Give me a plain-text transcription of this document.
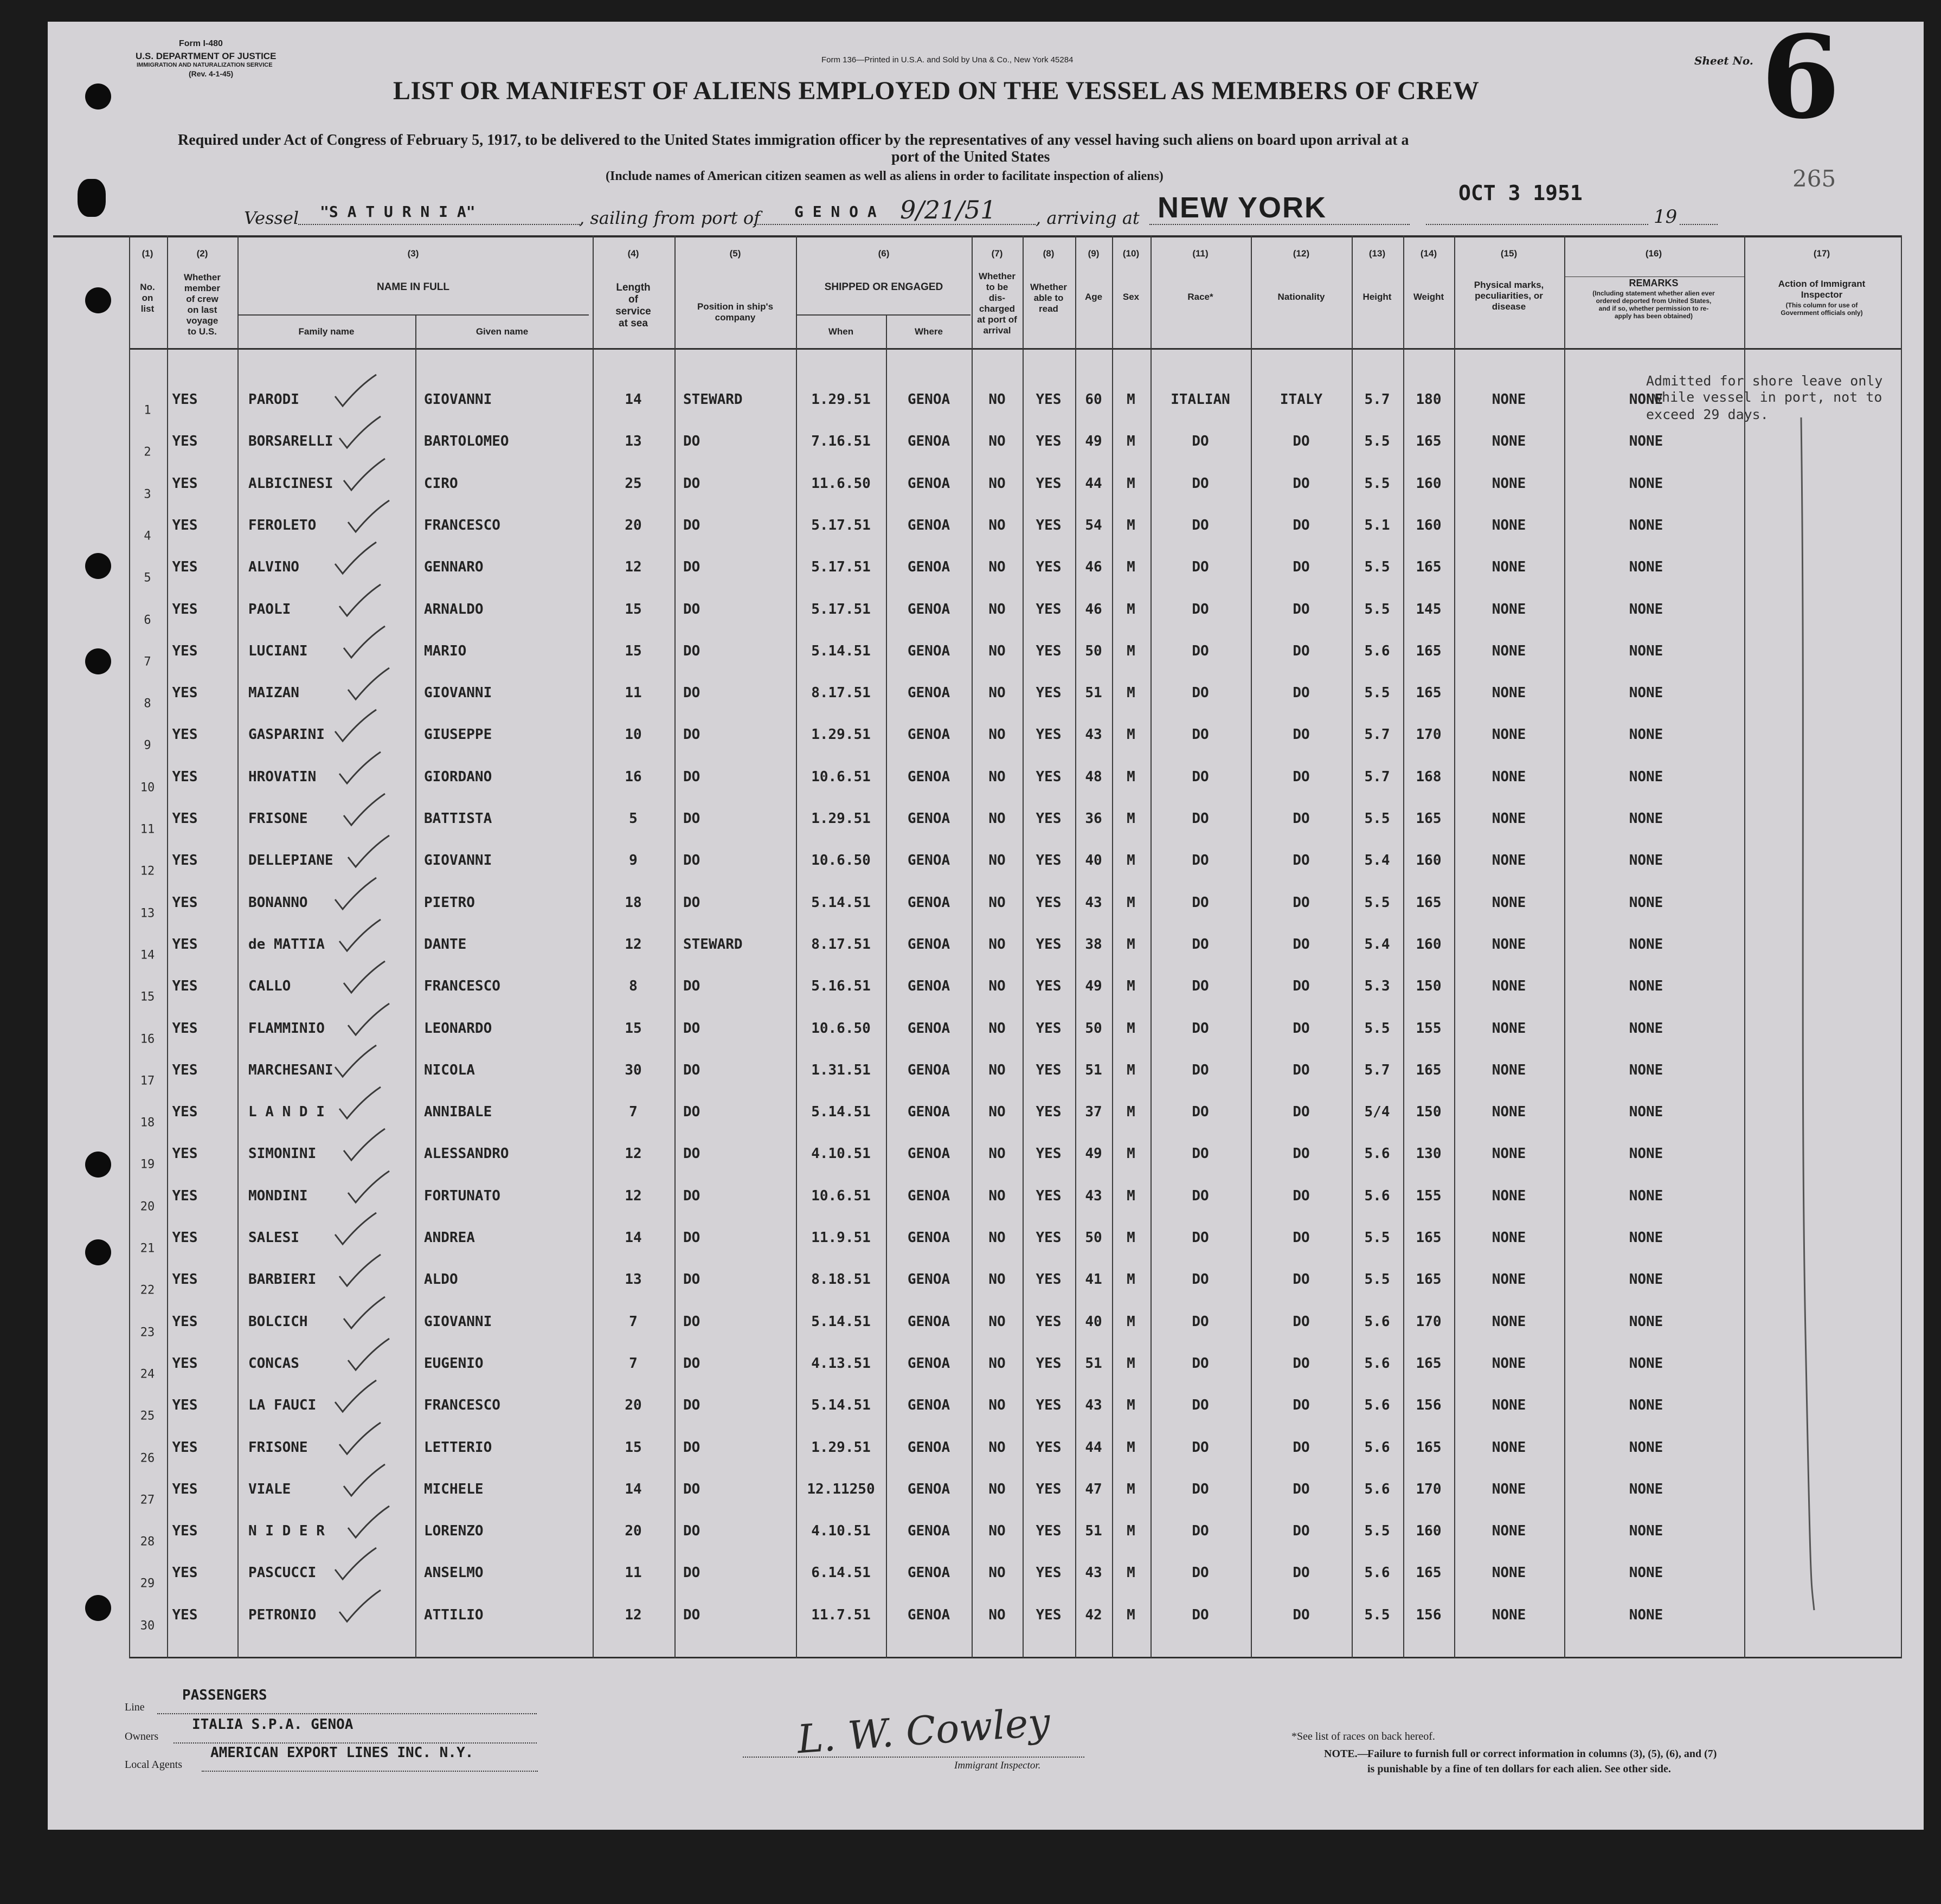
Form I-480
U.S. DEPARTMENT OF JUSTICE
IMMIGRATION AND NATURALIZATION SERVICE
(Rev. 4-1-45)
Form 136—Printed in U.S.A. and Sold by Una & Co., New York 45284	Sheet No. 6
LIST OR MANIFEST OF ALIENS EMPLOYED ON THE VESSEL AS MEMBERS OF CREW
Required under Act of Congress of February 5, 1917, to be delivered to the United States immigration officer by the representatives of any vessel having such aliens on board upon arrival at a
port of the United States
(Include names of American citizen seamen as well as aliens in order to facilitate inspection of aliens)	265
Vessel "S A T U R N I A"	, sailing from port of G E N O A 9/21/51 , arriving at NEW YORK	OCT 3 1951
19
(1)	(2)	(3)	(4)	(5)	(6)	(7)	(8)	(9)	(10)	(11)	(12)	(13)	(14)	(15)	(16)	(17)
No.
on
list
Whether
member
of crew
on last
voyage
to U.S.
NAME IN FULL	Length
of
service
at sea
Position in ship's
company
SHIPPED OR ENGAGED
Whether
to be
dis-
charged
at port of
arrival
Whether
able to
read
Age Sex	Race*	Nationality	Height Weight
Physical marks,
peculiarities, or
disease
REMARKS
(Including statement whether alien ever
ordered deported from United States,
and if so, whether permission to re-
apply has been obtained)
Action of Immigrant
Inspector
(This column for use of
Government officials only)
Family name	Given name	When	Where
Admitted for shore leave only
while vessel in port, not to
exceed 29 days.
1
YES	PARODI	GIOVANNI	14	STEWARD	1.29.51	GENOA	NO YES 60 M	ITALIAN	ITALY	5.7 180	NONE	NONE
2
YES	BORSARELLI	BARTOLOMEO	13	DO	7.16.51	GENOA	NO YES 49 M	DO	DO	5.5 165	NONE	NONE
3
YES	ALBICINESI	CIRO	25	DO	11.6.50	GENOA	NO YES 44 M	DO	DO	5.5 160	NONE	NONE
4
YES	FEROLETO	FRANCESCO	20	DO	5.17.51	GENOA	NO YES 54 M	DO	DO	5.1 160	NONE	NONE
5
YES	ALVINO	GENNARO	12	DO	5.17.51	GENOA	NO YES 46 M	DO	DO	5.5 165	NONE	NONE
6
YES	PAOLI	ARNALDO	15	DO	5.17.51	GENOA	NO YES 46 M	DO	DO	5.5 145	NONE	NONE
7
YES	LUCIANI	MARIO	15	DO	5.14.51	GENOA	NO YES 50 M	DO	DO	5.6 165	NONE	NONE
8
YES	MAIZAN	GIOVANNI	11	DO	8.17.51	GENOA	NO YES 51 M	DO	DO	5.5 165	NONE	NONE
9
YES	GASPARINI	GIUSEPPE	10	DO	1.29.51	GENOA	NO YES 43 M	DO	DO	5.7 170	NONE	NONE
10
YES	HROVATIN	GIORDANO	16	DO	10.6.51	GENOA	NO YES 48 M	DO	DO	5.7 168	NONE	NONE
11
YES	FRISONE	BATTISTA	5	DO	1.29.51	GENOA	NO YES 36 M	DO	DO	5.5 165	NONE	NONE
12
YES	DELLEPIANE	GIOVANNI	9	DO	10.6.50	GENOA	NO YES 40 M	DO	DO	5.4 160	NONE	NONE
13
YES	BONANNO	PIETRO	18	DO	5.14.51	GENOA	NO YES 43 M	DO	DO	5.5 165	NONE	NONE
14
YES	de MATTIA	DANTE	12	STEWARD	8.17.51	GENOA	NO YES 38 M	DO	DO	5.4 160	NONE	NONE
15
YES	CALLO	FRANCESCO	8	DO	5.16.51	GENOA	NO YES 49 M	DO	DO	5.3 150	NONE	NONE
16
YES	FLAMMINIO	LEONARDO	15	DO	10.6.50	GENOA	NO YES 50 M	DO	DO	5.5 155	NONE	NONE
17
YES	MARCHESANI	NICOLA	30	DO	1.31.51	GENOA	NO YES 51 M	DO	DO	5.7 165	NONE	NONE
18
YES	L A N D I	ANNIBALE	7	DO	5.14.51	GENOA	NO YES 37 M	DO	DO	5/4 150	NONE	NONE
19
YES	SIMONINI	ALESSANDRO	12	DO	4.10.51	GENOA	NO YES 49 M	DO	DO	5.6 130	NONE	NONE
20
YES	MONDINI	FORTUNATO	12	DO	10.6.51	GENOA	NO YES 43 M	DO	DO	5.6 155	NONE	NONE
21
YES	SALESI	ANDREA	14	DO	11.9.51	GENOA	NO YES 50 M	DO	DO	5.5 165	NONE	NONE
22
YES	BARBIERI	ALDO	13	DO	8.18.51	GENOA	NO YES 41 M	DO	DO	5.5 165	NONE	NONE
23
YES	BOLCICH	GIOVANNI	7	DO	5.14.51	GENOA	NO YES 40 M	DO	DO	5.6 170	NONE	NONE
24
YES	CONCAS	EUGENIO	7	DO	4.13.51	GENOA	NO YES 51 M	DO	DO	5.6 165	NONE	NONE
25
YES	LA FAUCI	FRANCESCO	20	DO	5.14.51	GENOA	NO YES 43 M	DO	DO	5.6 156	NONE	NONE
26
YES	FRISONE	LETTERIO	15	DO	1.29.51	GENOA	NO YES 44 M	DO	DO	5.6 165	NONE	NONE
27
YES	VIALE	MICHELE	14	DO	12.11250 GENOA	NO YES 47 M	DO	DO	5.6 170	NONE	NONE
28
YES	N I D E R	LORENZO	20	DO	4.10.51	GENOA	NO YES 51 M	DO	DO	5.5 160	NONE	NONE
29
YES	PASCUCCI	ANSELMO	11	DO	6.14.51	GENOA	NO YES 43 M	DO	DO	5.6 165	NONE	NONE
30
YES	PETRONIO	ATTILIO	12	DO	11.7.51	GENOA	NO YES 42 M	DO	DO	5.5 156	NONE	NONE
Line
PASSENGERS
Owners
ITALIA S.P.A. GENOA
Local Agents
AMERICAN EXPORT LINES INC. N.Y.	L. W. Cowley
Immigrant Inspector.
*See list of races on back hereof.
NOTE.—
Failure to furnish full or correct information in columns (3), (5), (6), and (7)
is punishable by a fine of ten dollars for each alien. See other side.
